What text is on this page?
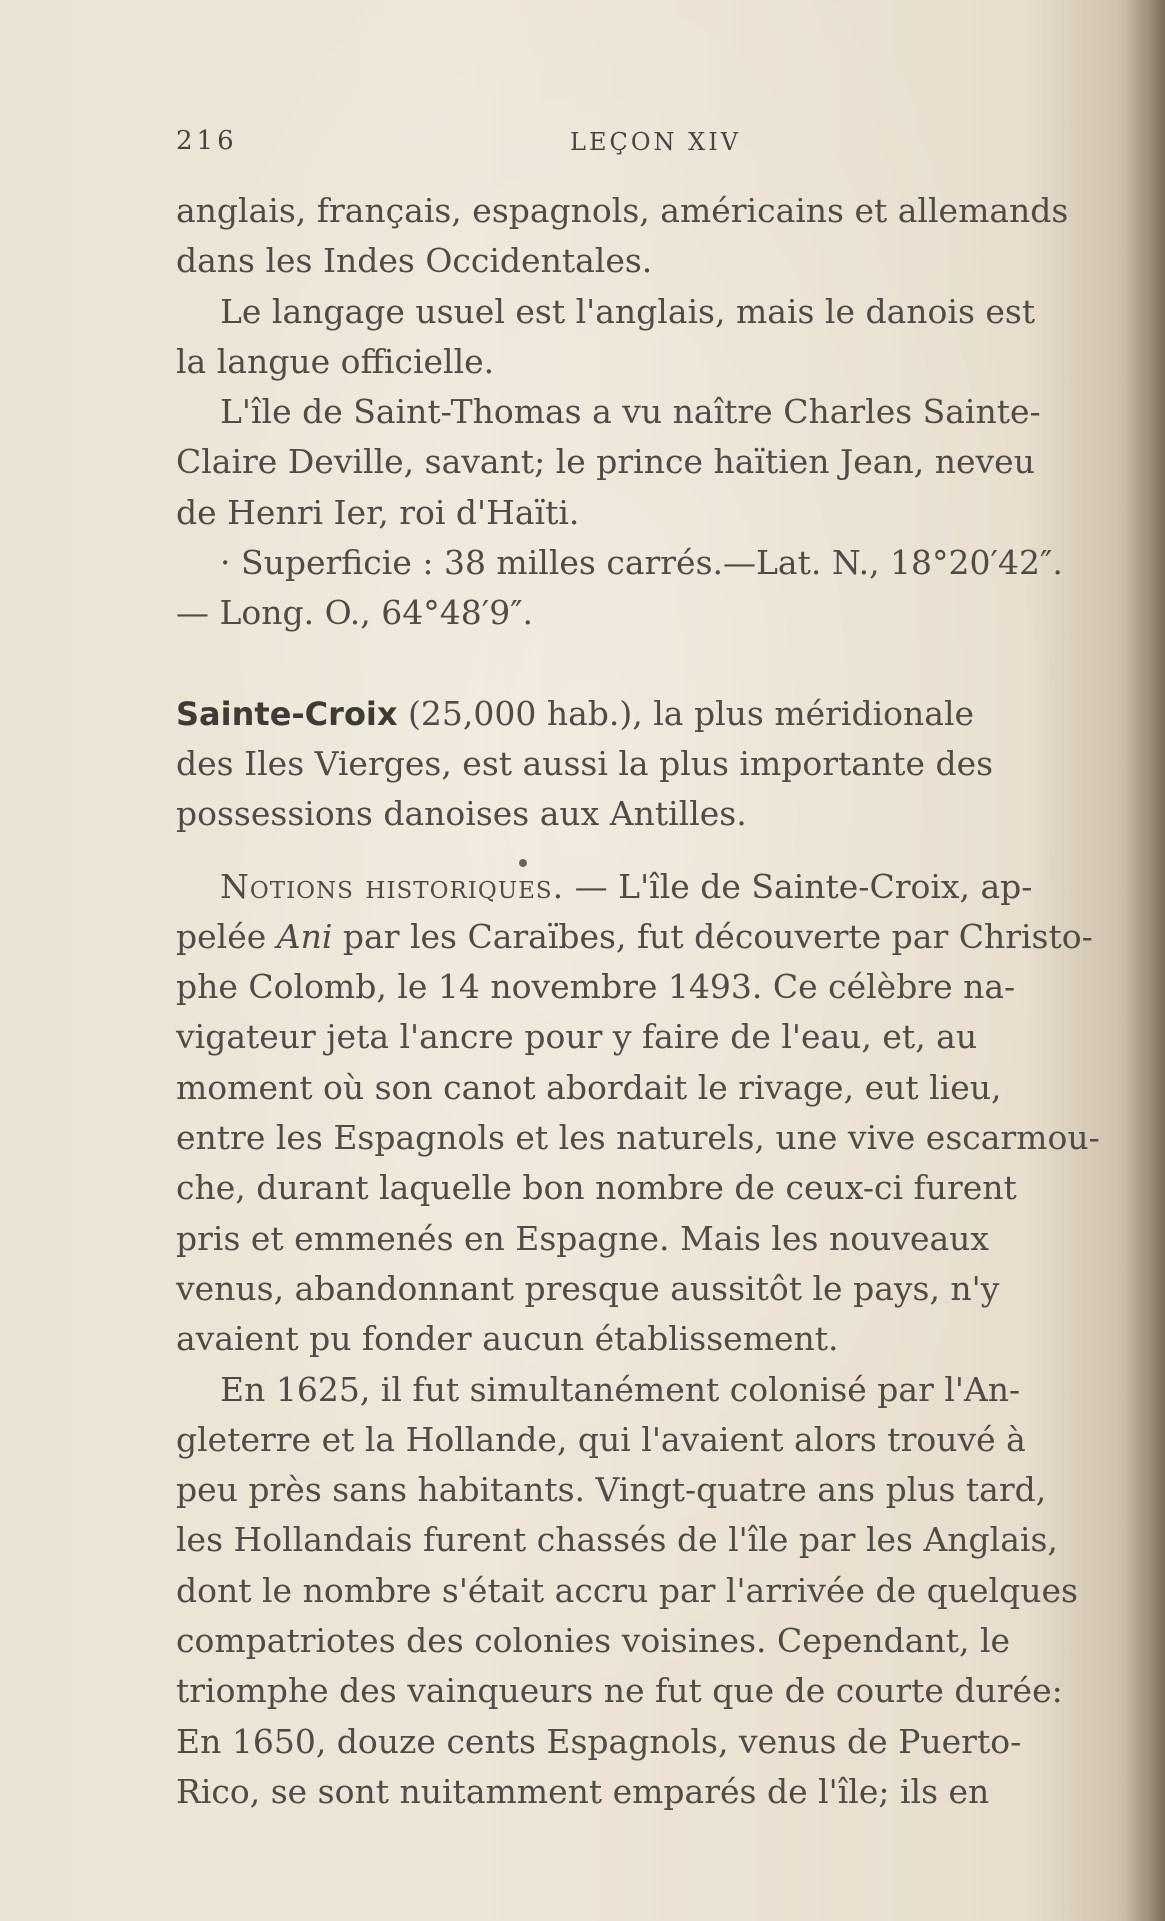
216	LEÇON XIV
anglais, français, espagnols, américains et allemands
dans les Indes Occidentales.
Le langage usuel est l'anglais, mais le danois est
la langue officielle.
L'île de Saint-Thomas a vu naître Charles Sainte-
Claire Deville, savant; le prince haïtien Jean, neveu
de Henri Ier, roi d'Haïti.
· Superficie : 38 milles carrés.—Lat. N., 18°20′42″.
— Long. O., 64°48′9″.
Sainte-Croix (25,000 hab.), la plus méridionale
des Iles Vierges, est aussi la plus importante des
possessions danoises aux Antilles.
Notions historiques. — L'île de Sainte-Croix, ap-
pelée Ani par les Caraïbes, fut découverte par Christo-
phe Colomb, le 14 novembre 1493. Ce célèbre na-
vigateur jeta l'ancre pour y faire de l'eau, et, au
moment où son canot abordait le rivage, eut lieu,
entre les Espagnols et les naturels, une vive escarmou-
che, durant laquelle bon nombre de ceux-ci furent
pris et emmenés en Espagne. Mais les nouveaux
venus, abandonnant presque aussitôt le pays, n'y
avaient pu fonder aucun établissement.
En 1625, il fut simultanément colonisé par l'An-
gleterre et la Hollande, qui l'avaient alors trouvé à
peu près sans habitants. Vingt-quatre ans plus tard,
les Hollandais furent chassés de l'île par les Anglais,
dont le nombre s'était accru par l'arrivée de quelques
compatriotes des colonies voisines. Cependant, le
triomphe des vainqueurs ne fut que de courte durée:
En 1650, douze cents Espagnols, venus de Puerto-
Rico, se sont nuitamment emparés de l'île; ils en
